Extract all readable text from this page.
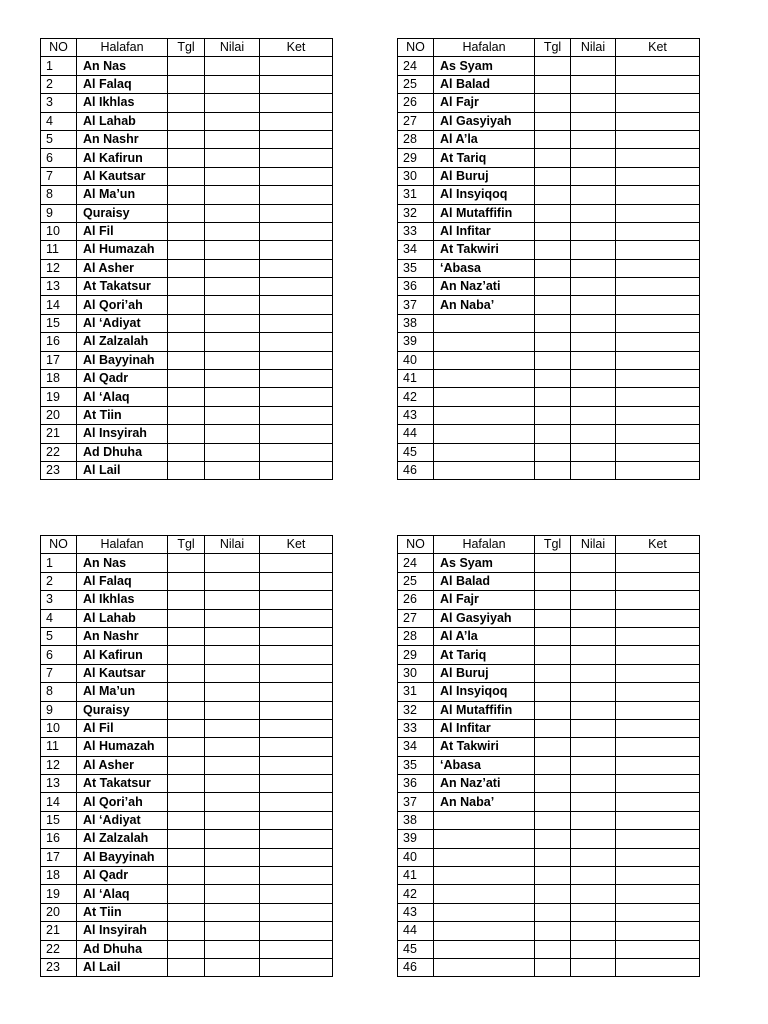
NO	Halafan	Tgl	Nilai	Ket
1	An Nas			
2	Al Falaq			
3	Al Ikhlas			
4	Al Lahab			
5	An Nashr			
6	Al Kafirun			
7	Al Kautsar			
8	Al Ma’un			
9	Quraisy			
10	Al Fil			
11	Al Humazah			
12	Al Asher			
13	At Takatsur			
14	Al Qori’ah			
15	Al ‘Adiyat			
16	Al Zalzalah			
17	Al Bayyinah			
18	Al Qadr			
19	Al ‘Alaq			
20	At Tiin			
21	Al Insyirah			
22	Ad Dhuha			
23	Al Lail			
NO	Hafalan	Tgl	Nilai	Ket
24	As Syam			
25	Al Balad			
26	Al Fajr			
27	Al Gasyiyah			
28	Al A’la			
29	At Tariq			
30	Al Buruj			
31	Al Insyiqoq			
32	Al Mutaffifin			
33	Al Infitar			
34	At Takwiri			
35	‘Abasa			
36	An Naz’ati			
37	An Naba’			
38				
39				
40				
41				
42				
43				
44				
45				
46				
NO	Halafan	Tgl	Nilai	Ket
1	An Nas			
2	Al Falaq			
3	Al Ikhlas			
4	Al Lahab			
5	An Nashr			
6	Al Kafirun			
7	Al Kautsar			
8	Al Ma’un			
9	Quraisy			
10	Al Fil			
11	Al Humazah			
12	Al Asher			
13	At Takatsur			
14	Al Qori’ah			
15	Al ‘Adiyat			
16	Al Zalzalah			
17	Al Bayyinah			
18	Al Qadr			
19	Al ‘Alaq			
20	At Tiin			
21	Al Insyirah			
22	Ad Dhuha			
23	Al Lail			
NO	Hafalan	Tgl	Nilai	Ket
24	As Syam			
25	Al Balad			
26	Al Fajr			
27	Al Gasyiyah			
28	Al A’la			
29	At Tariq			
30	Al Buruj			
31	Al Insyiqoq			
32	Al Mutaffifin			
33	Al Infitar			
34	At Takwiri			
35	‘Abasa			
36	An Naz’ati			
37	An Naba’			
38				
39				
40				
41				
42				
43				
44				
45				
46				
